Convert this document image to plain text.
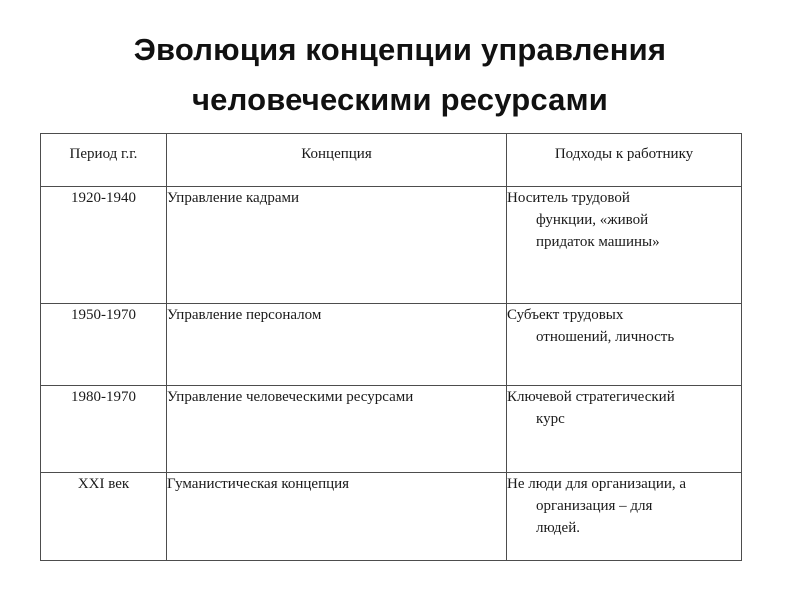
Эволюция концепции управления
человеческими ресурсами
Период г.г.	Концепция	Подходы к работнику
1920-1940	Управление кадрами	Носитель трудовой
функции, «живой
придаток машины»

1950-1970	Управление персоналом	Субъект трудовых
отношений, личность

1980-1970	Управление человеческими ресурсами	Ключевой стратегический
курс

XXI век	Гуманистическая концепция	Не люди для организации, а
организация – для
людей.
